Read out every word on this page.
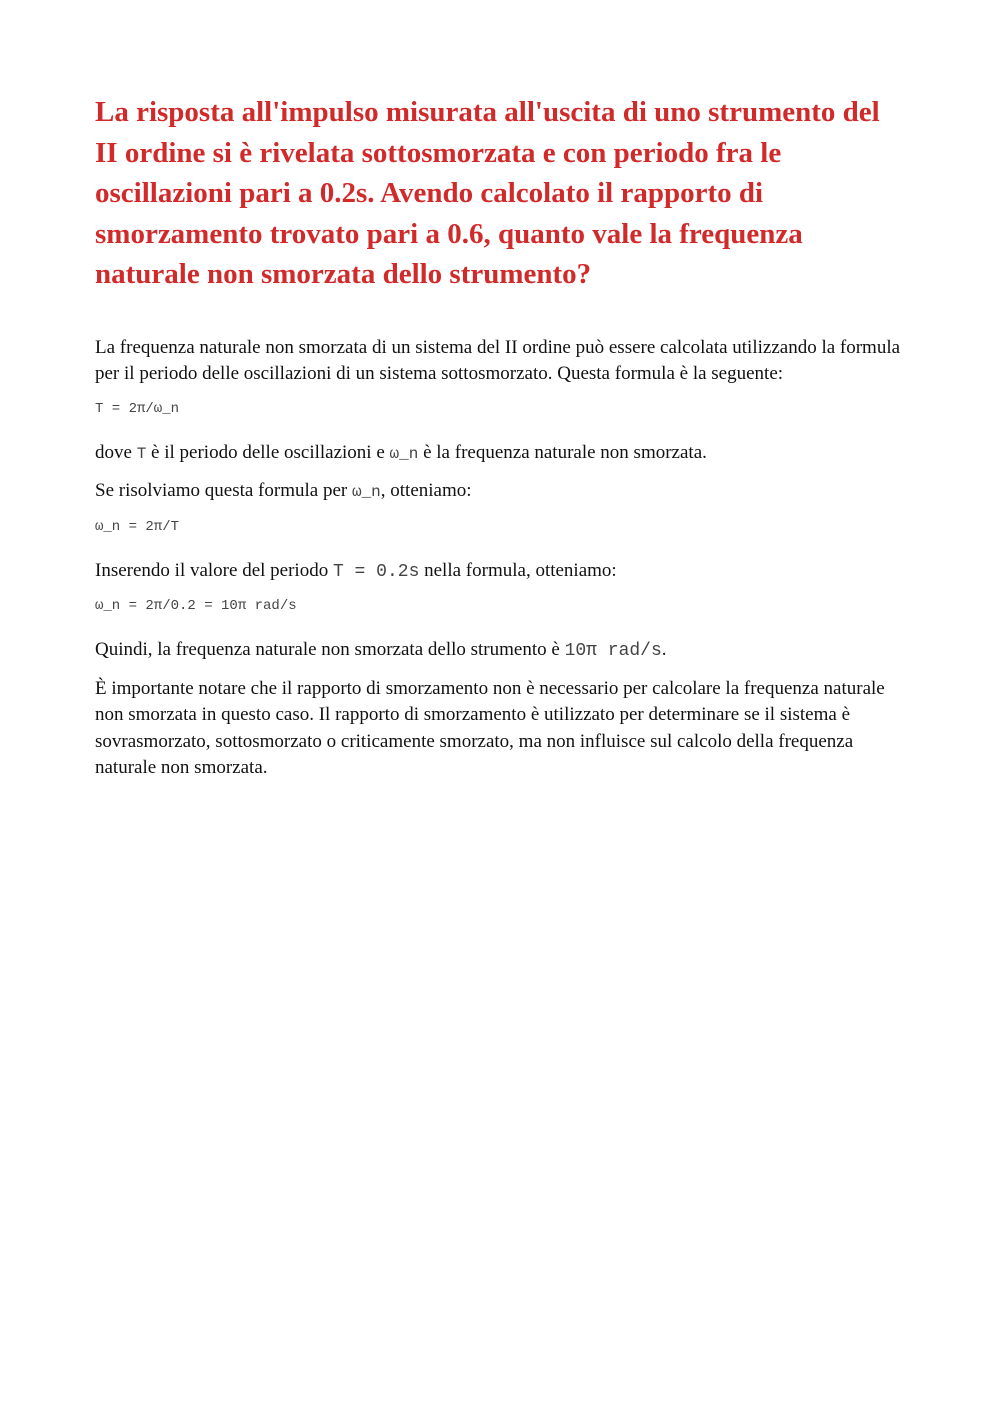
La risposta all'impulso misurata all'uscita di uno strumento del II ordine si è rivelata sottosmorzata e con periodo fra le oscillazioni pari a 0.2s. Avendo calcolato il rapporto di smorzamento trovato pari a 0.6, quanto vale la frequenza naturale non smorzata dello strumento?

La frequenza naturale non smorzata di un sistema del II ordine può essere calcolata utilizzando la formula per il periodo delle oscillazioni di un sistema sottosmorzato. Questa formula è la seguente:

T = 2π/ω_n

dove T è il periodo delle oscillazioni e ω_n è la frequenza naturale non smorzata.

Se risolviamo questa formula per ω_n, otteniamo:

ω_n = 2π/T

Inserendo il valore del periodo T = 0.2s nella formula, otteniamo:

ω_n = 2π/0.2 = 10π rad/s

Quindi, la frequenza naturale non smorzata dello strumento è 10π rad/s.

È importante notare che il rapporto di smorzamento non è necessario per calcolare la frequenza naturale non smorzata in questo caso. Il rapporto di smorzamento è utilizzato per determinare se il sistema è sovrasmorzato, sottosmorzato o criticamente smorzato, ma non influisce sul calcolo della frequenza naturale non smorzata.
